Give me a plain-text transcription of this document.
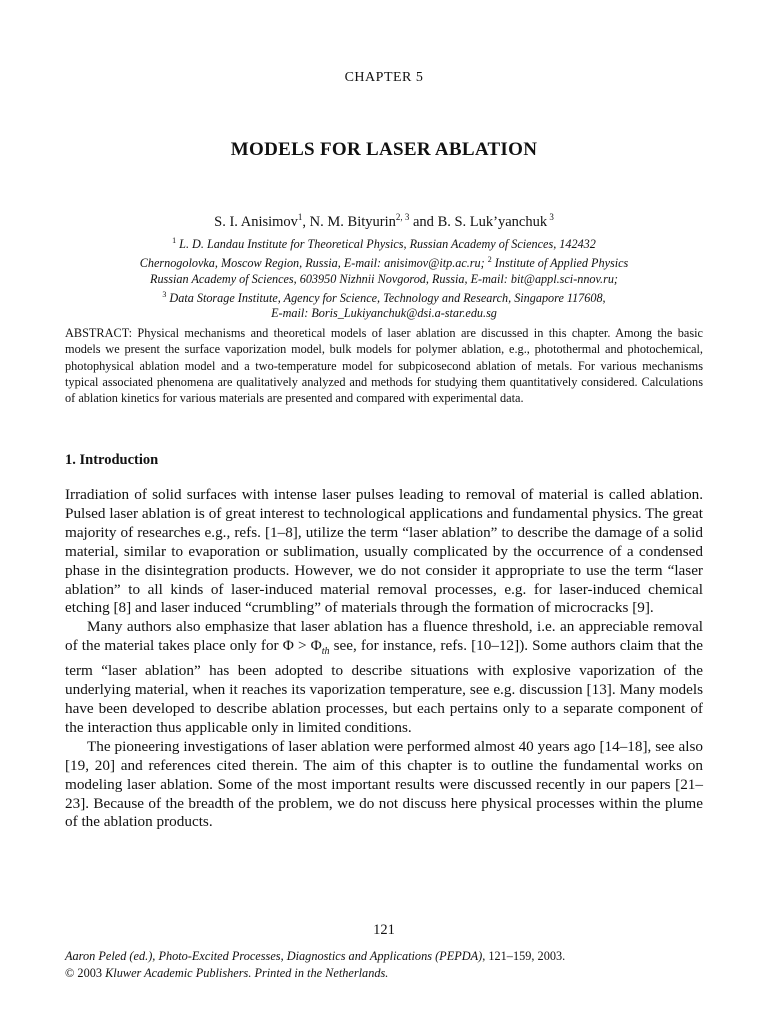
CHAPTER 5
MODELS FOR LASER ABLATION
S. I. Anisimov$^1$, N. M. Bityurin$^{2, 3}$ and B. S. Luk’yanchuk $^3$
$^1$ L. D. Landau Institute for Theoretical Physics, Russian Academy of Sciences, 142432
Chernogolovka, Moscow Region, Russia, E-mail: anisimov@itp.ac.ru; $^2$ Institute of Applied Physics
Russian Academy of Sciences, 603950 Nizhnii Novgorod, Russia, E-mail: bit@appl.sci-nnov.ru;
$^3$ Data Storage Institute, Agency for Science, Technology and Research, Singapore 117608,
E-mail: Boris_Lukiyanchuk@dsi.a-star.edu.sg
ABSTRACT: Physical mechanisms and theoretical models of laser ablation are discussed in this chapter. Among the basic models we present the surface vaporization model, bulk models for polymer ablation, e.g., photothermal and photochemical, photophysical ablation model and a two-temperature model for subpicosecond ablation of metals. For various mechanisms typical associated phenomena are qualitatively analyzed and methods for studying them quantitatively considered. Calculations of ablation kinetics for various materials are presented and compared with experimental data.
1. Introduction

Irradiation of solid surfaces with intense laser pulses leading to removal of material is called ablation. Pulsed laser ablation is of great interest to technological applications and fundamental physics. The great majority of researches e.g., refs. [1–8], utilize the term “laser ablation” to describe the damage of a solid material, similar to evaporation or sublimation, usually complicated by the occurrence of a condensed phase in the disintegration products. However, we do not consider it appropriate to use the term “laser ablation” to all kinds of laser-induced material removal processes, e.g. for laser-induced chemical etching [8] and laser induced “crumbling” of materials through the formation of microcracks [9].

Many authors also emphasize that laser ablation has a fluence threshold, i.e. an appreciable removal of the material takes place only for $\Phi > \Phi_{th}$ see, for instance, refs. [10–12]). Some authors claim that the term “laser ablation” has been adopted to describe situations with explosive vaporization of the underlying material, when it reaches its vaporization temperature, see e.g. discussion [13]. Many models have been developed to describe ablation processes, but each pertains only to a separate component of the interaction thus applicable only in limited conditions.

The pioneering investigations of laser ablation were performed almost 40 years ago [14–18], see also [19, 20] and references cited therein. The aim of this chapter is to outline the fundamental works on modeling laser ablation. Some of the most important results were discussed recently in our papers [21–23]. Because of the breadth of the problem, we do not discuss here physical processes within the plume of the ablation products.

121
Aaron Peled (ed.), Photo-Excited Processes, Diagnostics and Applications (PEPDA), 121–159, 2003.
© 2003 Kluwer Academic Publishers. Printed in the Netherlands.
